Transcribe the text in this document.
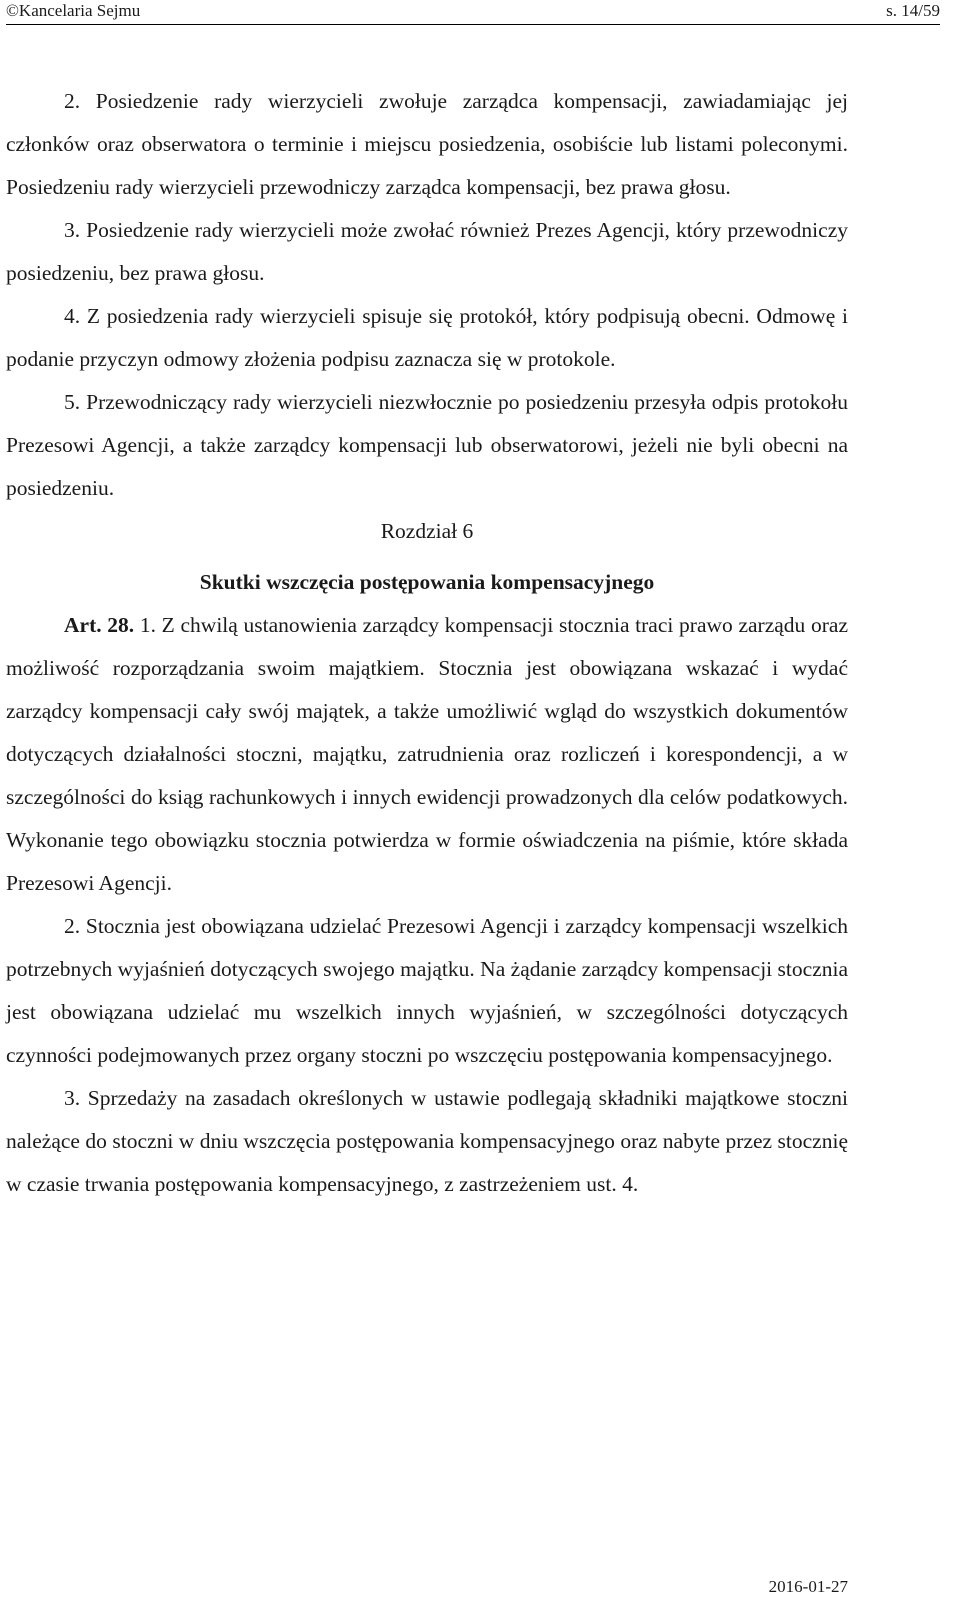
©Kancelaria Sejmu	s. 14/59

2. Posiedzenie rady wierzycieli zwołuje zarządca kompensacji, zawiadamiając jej członków oraz obserwatora o terminie i miejscu posiedzenia, osobiście lub listami poleconymi. Posiedzeniu rady wierzycieli przewodniczy zarządca kompensacji, bez prawa głosu.

3. Posiedzenie rady wierzycieli może zwołać również Prezes Agencji, który przewodniczy posiedzeniu, bez prawa głosu.

4. Z posiedzenia rady wierzycieli spisuje się protokół, który podpisują obecni. Odmowę i podanie przyczyn odmowy złożenia podpisu zaznacza się w protokole.

5. Przewodniczący rady wierzycieli niezwłocznie po posiedzeniu przesyła odpis protokołu Prezesowi Agencji, a także zarządcy kompensacji lub obserwatorowi, jeżeli nie byli obecni na posiedzeniu.

Rozdział 6

Skutki wszczęcia postępowania kompensacyjnego

Art. 28. 1. Z chwilą ustanowienia zarządcy kompensacji stocznia traci prawo zarządu oraz możliwość rozporządzania swoim majątkiem. Stocznia jest obowiązana wskazać i wydać zarządcy kompensacji cały swój majątek, a także umożliwić wgląd do wszystkich dokumentów dotyczących działalności stoczni, majątku, zatrudnienia oraz rozliczeń i korespondencji, a w szczególności do ksiąg rachunkowych i innych ewidencji prowadzonych dla celów podatkowych. Wykonanie tego obowiązku stocznia potwierdza w formie oświadczenia na piśmie, które składa Prezesowi Agencji.

2. Stocznia jest obowiązana udzielać Prezesowi Agencji i zarządcy kompensacji wszelkich potrzebnych wyjaśnień dotyczących swojego majątku. Na żądanie zarządcy kompensacji stocznia jest obowiązana udzielać mu wszelkich innych wyjaśnień, w szczególności dotyczących czynności podejmowanych przez organy stoczni po wszczęciu postępowania kompensacyjnego.

3. Sprzedaży na zasadach określonych w ustawie podlegają składniki majątkowe stoczni należące do stoczni w dniu wszczęcia postępowania kompensacyjnego oraz nabyte przez stocznię w czasie trwania postępowania kompensacyjnego, z zastrzeżeniem ust. 4.

2016-01-27
